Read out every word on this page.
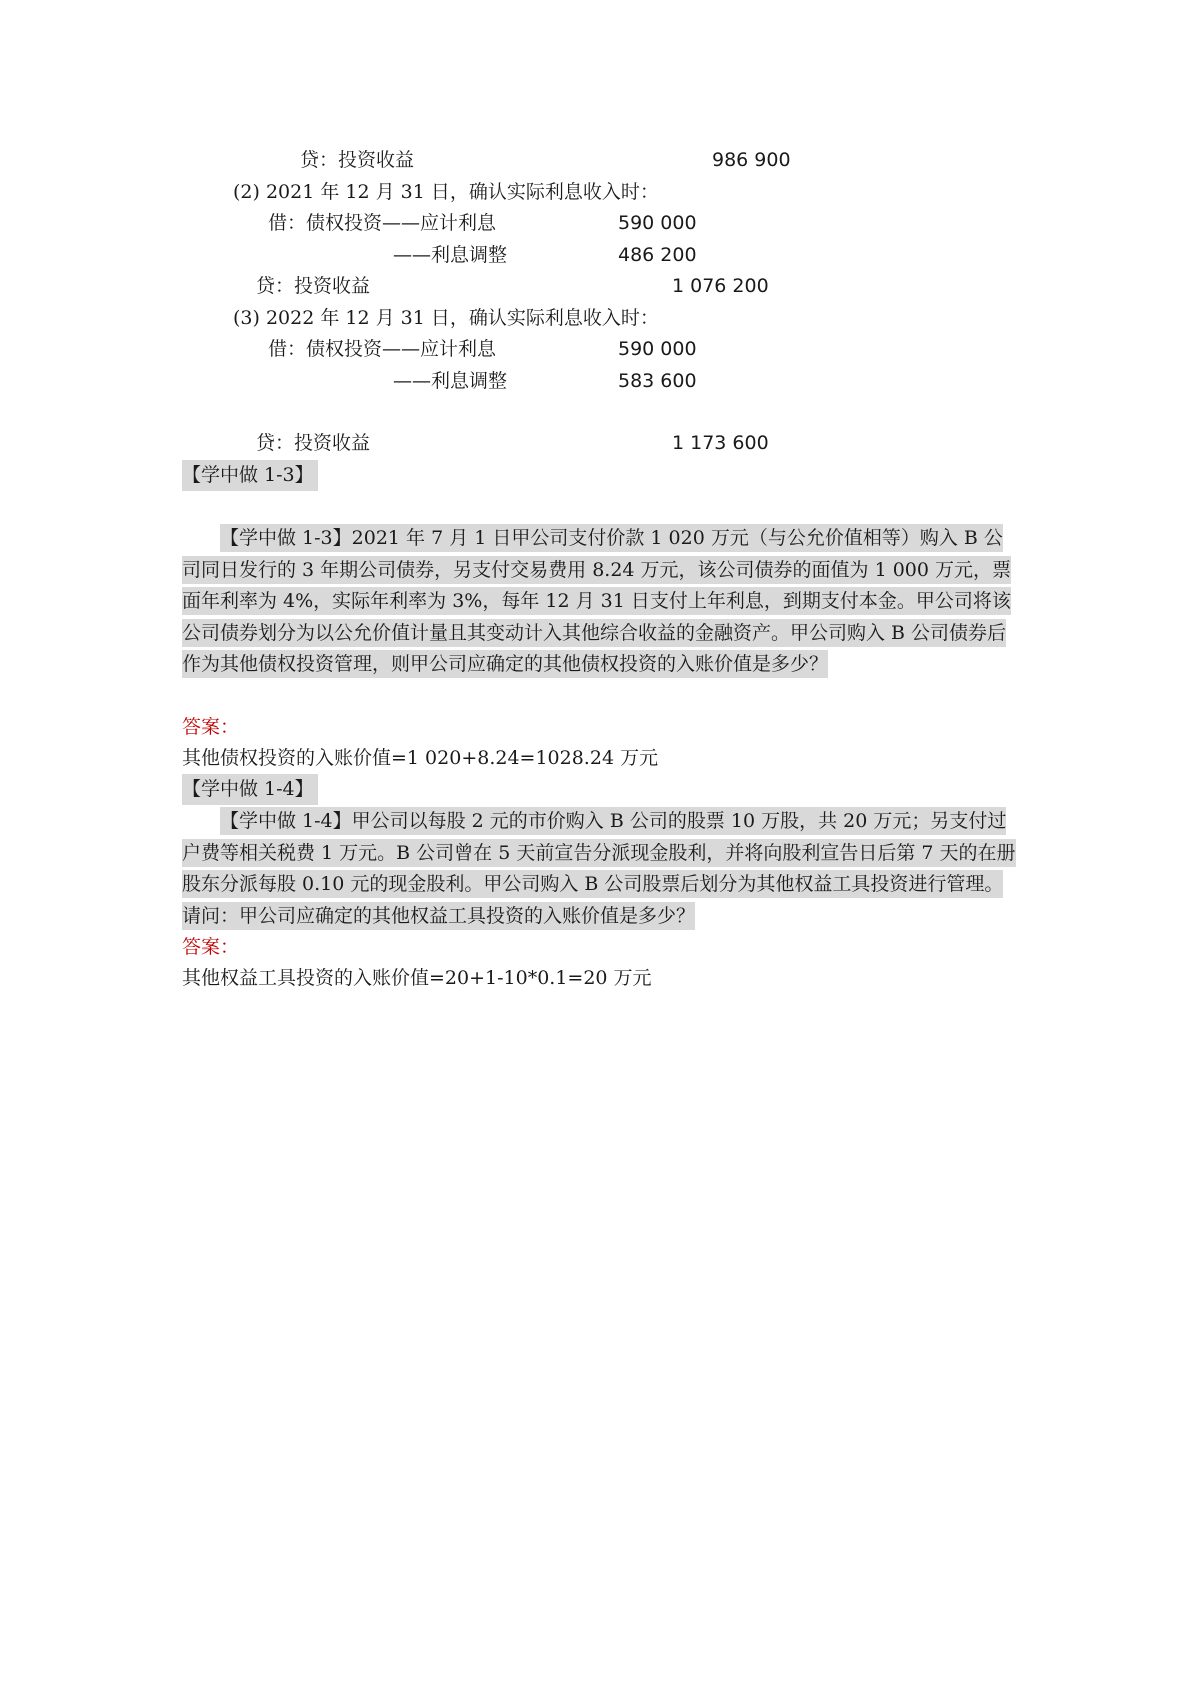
贷：投资收益	986 900
(2) 2021 年 12 月 31 日，确认实际利息收入时：
借：债权投资——应计利息	590 000
——利息调整	486 200
贷：投资收益	1 076 200
(3) 2022 年 12 月 31 日，确认实际利息收入时：
借：债权投资——应计利息	590 000
——利息调整	583 600
贷：投资收益	1 173 600
【学中做 1-3】
【学中做 1-3】2021 年 7 月 1 日甲公司支付价款 1 020 万元（与公允价值相等）购入 B 公司同日发行的 3 年期公司债券，另支付交易费用 8.24 万元，该公司债券的面值为 1 000 万元，票面年利率为 4%，实际年利率为 3%，每年 12 月 31 日支付上年利息，到期支付本金。甲公司将该公司债券划分为以公允价值计量且其变动计入其他综合收益的金融资产。甲公司购入 B 公司债券后作为其他债权投资管理，则甲公司应确定的其他债权投资的入账价值是多少？
答案：
其他债权投资的入账价值=1 020+8.24=1028.24 万元
【学中做 1-4】
【学中做 1-4】甲公司以每股 2 元的市价购入 B 公司的股票 10 万股，共 20 万元；另支付过户费等相关税费 1 万元。B 公司曾在 5 天前宣告分派现金股利，并将向股利宣告日后第 7 天的在册股东分派每股 0.10 元的现金股利。甲公司购入 B 公司股票后划分为其他权益工具投资进行管理。请问：甲公司应确定的其他权益工具投资的入账价值是多少？
答案：
其他权益工具投资的入账价值=20+1-10*0.1=20 万元
